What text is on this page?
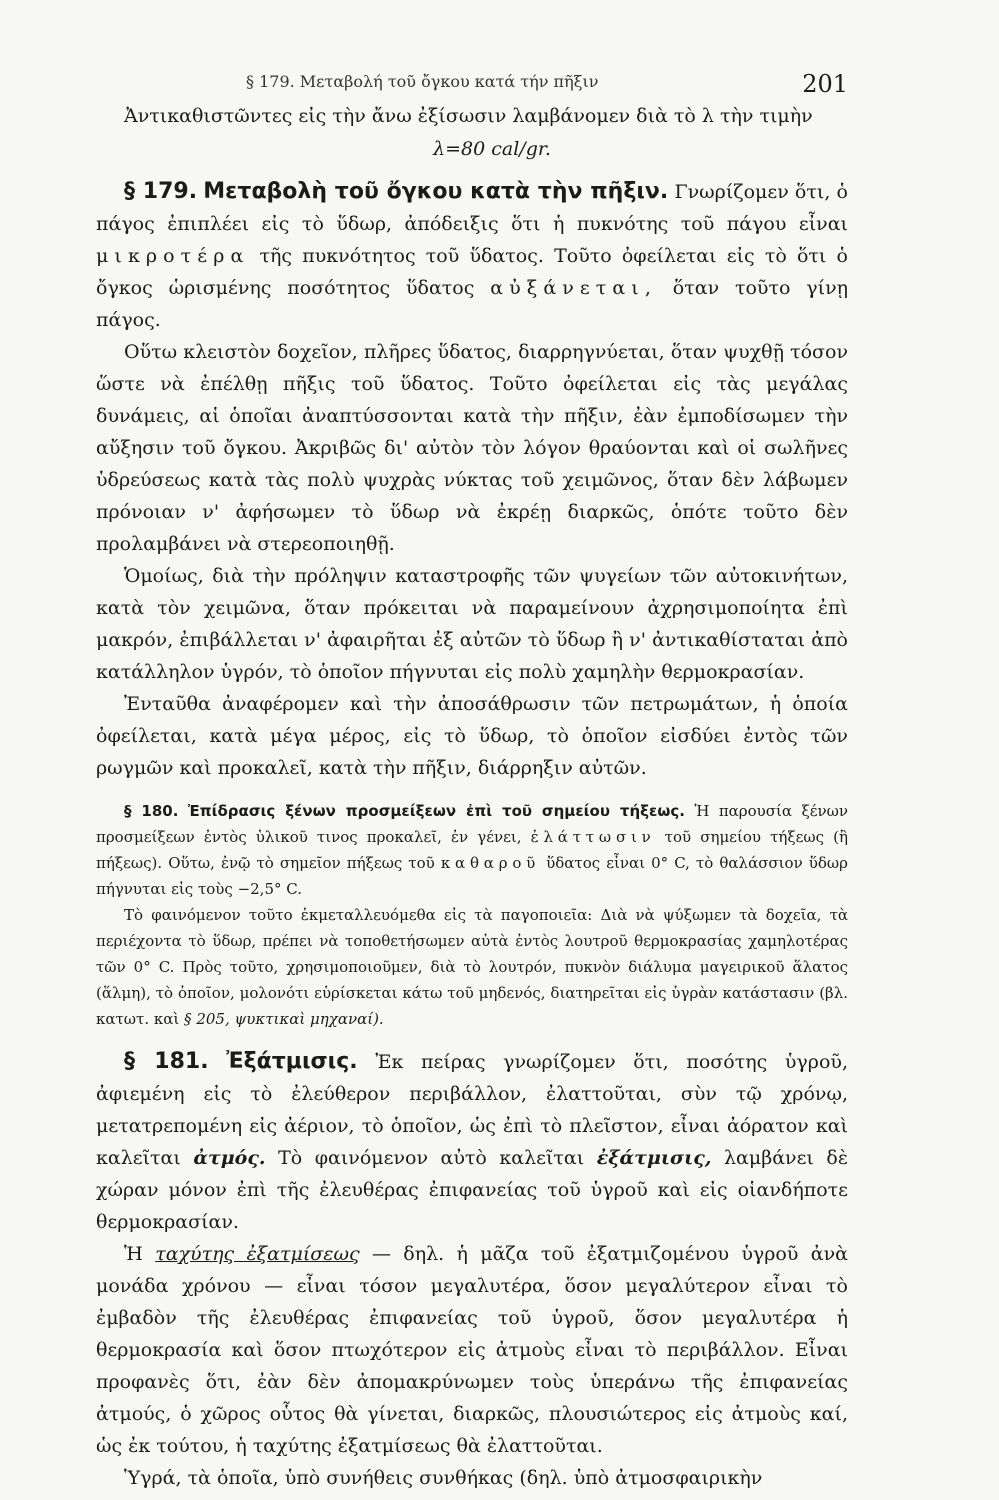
§ 179. Μεταβολή τοῦ ὄγκου κατά τήν πῆξιν	201

Ἀντικαθιστῶντες εἰς τὴν ἄνω ἐξίσωσιν λαμβάνομεν διὰ τὸ λ τὴν τιμὴν

λ=80 cal/gr.

§ 179. Μεταβολὴ τοῦ ὄγκου κατὰ τὴν πῆξιν. Γνωρίζομεν ὅτι, ὁ πάγος ἐπιπλέει εἰς τὸ ὕδωρ, ἀπόδειξις ὅτι ἡ πυκνότης τοῦ πάγου εἶναι μικροτέρα τῆς πυκνότητος τοῦ ὕδατος. Τοῦτο ὀφείλεται εἰς τὸ ὅτι ὁ ὄγκος ὡρισμένης ποσότητος ὕδατος αὐξάνεται, ὅταν τοῦτο γίνῃ πάγος.

Οὕτω κλειστὸν δοχεῖον, πλῆρες ὕδατος, διαρρηγνύεται, ὅταν ψυχθῇ τόσον ὥστε νὰ ἐπέλθῃ πῆξις τοῦ ὕδατος. Τοῦτο ὀφείλεται εἰς τὰς μεγάλας δυνάμεις, αἱ ὁποῖαι ἀναπτύσσονται κατὰ τὴν πῆξιν, ἐὰν ἐμποδίσωμεν τὴν αὔξησιν τοῦ ὄγκου. Ἀκριβῶς δι' αὐτὸν τὸν λόγον θραύονται καὶ οἱ σωλῆνες ὑδρεύσεως κατὰ τὰς πολὺ ψυχρὰς νύκτας τοῦ χειμῶνος, ὅταν δὲν λάβωμεν πρόνοιαν ν' ἀφήσωμεν τὸ ὕδωρ νὰ ἐκρέῃ διαρκῶς, ὁπότε τοῦτο δὲν προλαμβάνει νὰ στερεοποιηθῇ.

Ὁμοίως, διὰ τὴν πρόληψιν καταστροφῆς τῶν ψυγείων τῶν αὐτοκινήτων, κατὰ τὸν χειμῶνα, ὅταν πρόκειται νὰ παραμείνουν ἀχρησιμοποίητα ἐπὶ μακρόν, ἐπιβάλλεται ν' ἀφαιρῆται ἐξ αὐτῶν τὸ ὕδωρ ἢ ν' ἀντικαθίσταται ἀπὸ κατάλληλον ὑγρόν, τὸ ὁποῖον πήγνυται εἰς πολὺ χαμηλὴν θερμοκρασίαν.

Ἐνταῦθα ἀναφέρομεν καὶ τὴν ἀποσάθρωσιν τῶν πετρωμάτων, ἡ ὁποία ὀφείλεται, κατὰ μέγα μέρος, εἰς τὸ ὕδωρ, τὸ ὁποῖον εἰσδύει ἐντὸς τῶν ρωγμῶν καὶ προκαλεῖ, κατὰ τὴν πῆξιν, διάρρηξιν αὐτῶν.

§ 180. Ἐπίδρασις ξένων προσμείξεων ἐπὶ τοῦ σημείου τήξεως. Ἡ παρουσία ξένων προσμείξεων ἐντὸς ὑλικοῦ τινος προκαλεῖ, ἐν γένει, ἐλάττωσιν τοῦ σημείου τήξεως (ἢ πήξεως). Οὕτω, ἐνῷ τὸ σημεῖον πήξεως τοῦ καθαροῦ ὕδατος εἶναι 0° C, τὸ θαλάσσιον ὕδωρ πήγνυται εἰς τοὺς −2,5° C.

Τὸ φαινόμενον τοῦτο ἐκμεταλλευόμεθα εἰς τὰ παγοποιεῖα: Διὰ νὰ ψύξωμεν τὰ δοχεῖα, τὰ περιέχοντα τὸ ὕδωρ, πρέπει νὰ τοποθετήσωμεν αὐτὰ ἐντὸς λουτροῦ θερμοκρασίας χαμηλοτέρας τῶν 0° C. Πρὸς τοῦτο, χρησιμοποιοῦμεν, διὰ τὸ λουτρόν, πυκνὸν διάλυμα μαγειρικοῦ ἅλατος (ἅλμη), τὸ ὁποῖον, μολονότι εὑρίσκεται κάτω τοῦ μηδενός, διατηρεῖται εἰς ὑγρὰν κατάστασιν (βλ. κατωτ. καὶ § 205, ψυκτικαὶ μηχαναί).

§ 181. Ἐξάτμισις. Ἐκ πείρας γνωρίζομεν ὅτι, ποσότης ὑγροῦ, ἀφιεμένη εἰς τὸ ἐλεύθερον περιβάλλον, ἐλαττοῦται, σὺν τῷ χρόνῳ, μετατρεπομένη εἰς ἀέριον, τὸ ὁποῖον, ὡς ἐπὶ τὸ πλεῖστον, εἶναι ἀόρατον καὶ καλεῖται ἀτμός. Τὸ φαινόμενον αὐτὸ καλεῖται ἐξάτμισις, λαμβάνει δὲ χώραν μόνον ἐπὶ τῆς ἐλευθέρας ἐπιφανείας τοῦ ὑγροῦ καὶ εἰς οἱανδήποτε θερμοκρασίαν.

Ἡ ταχύτης ἐξατμίσεως — δηλ. ἡ μᾶζα τοῦ ἐξατμιζομένου ὑγροῦ ἀνὰ μονάδα χρόνου — εἶναι τόσον μεγαλυτέρα, ὅσον μεγαλύτερον εἶναι τὸ ἐμβαδὸν τῆς ἐλευθέρας ἐπιφανείας τοῦ ὑγροῦ, ὅσον μεγαλυτέρα ἡ θερμοκρασία καὶ ὅσον πτωχότερον εἰς ἀτμοὺς εἶναι τὸ περιβάλλον. Εἶναι προφανὲς ὅτι, ἐὰν δὲν ἀπομακρύνωμεν τοὺς ὑπεράνω τῆς ἐπιφανείας ἀτμούς, ὁ χῶρος οὗτος θὰ γίνεται, διαρκῶς, πλουσιώτερος εἰς ἀτμοὺς καί, ὡς ἐκ τούτου, ἡ ταχύτης ἐξατμίσεως θὰ ἐλαττοῦται.

Ὑγρά, τὰ ὁποῖα, ὑπὸ συνήθεις συνθήκας (δηλ. ὑπὸ ἀτμοσφαιρικὴν
